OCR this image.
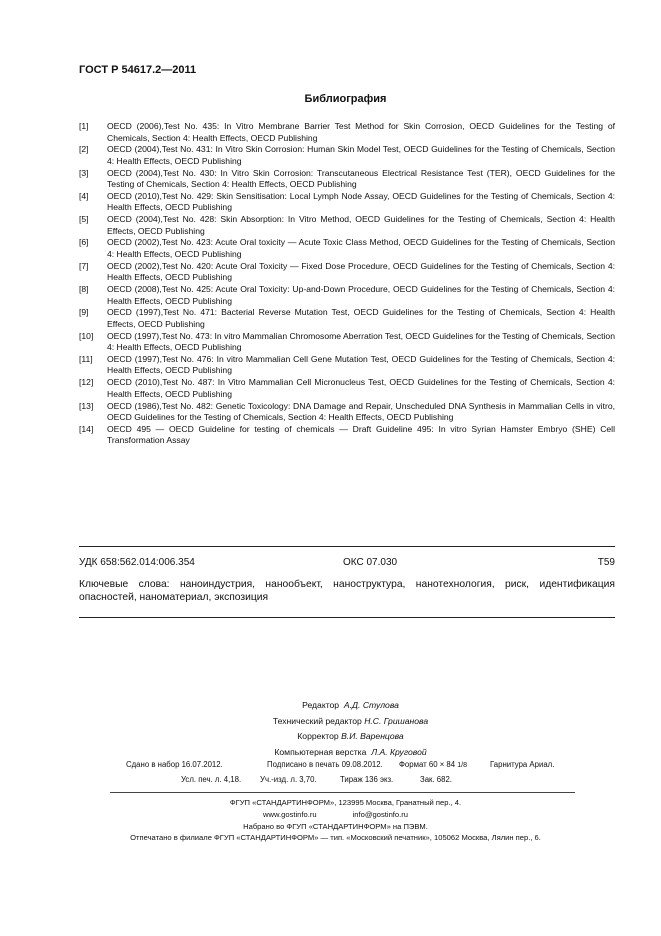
ГОСТ Р 54617.2—2011
Библиография
[1]	OECD (2006),Test No. 435: In Vitro Membrane Barrier Test Method for Skin Corrosion, OECD Guidelines for the Testing of Chemicals, Section 4: Health Effects, OECD Publishing
[2]	OECD (2004),Test No. 431: In Vitro Skin Corrosion: Human Skin Model Test, OECD Guidelines for the Testing of Chemicals, Section 4: Health Effects, OECD Publishing
[3]	OECD (2004),Test No. 430: In Vitro Skin Corrosion: Transcutaneous Electrical Resistance Test (TER), OECD Guidelines for the Testing of Chemicals, Section 4: Health Effects, OECD Publishing
[4]	OECD (2010),Test No. 429: Skin Sensitisation: Local Lymph Node Assay, OECD Guidelines for the Testing of Chemicals, Section 4: Health Effects, OECD Publishing
[5]	OECD (2004),Test No. 428: Skin Absorption: In Vitro Method, OECD Guidelines for the Testing of Chemicals, Section 4: Health Effects, OECD Publishing
[6]	OECD (2002),Test No. 423: Acute Oral toxicity — Acute Toxic Class Method, OECD Guidelines for the Testing of Chemicals, Section 4: Health Effects, OECD Publishing
[7]	OECD (2002),Test No. 420: Acute Oral Toxicity — Fixed Dose Procedure, OECD Guidelines for the Testing of Chemicals, Section 4: Health Effects, OECD Publishing
[8]	OECD (2008),Test No. 425: Acute Oral Toxicity: Up-and-Down Procedure, OECD Guidelines for the Testing of Chemicals, Section 4: Health Effects, OECD Publishing
[9]	OECD (1997),Test No. 471: Bacterial Reverse Mutation Test, OECD Guidelines for the Testing of Chemicals, Section 4: Health Effects, OECD Publishing
[10]	OECD (1997),Test No. 473: In vitro Mammalian Chromosome Aberration Test, OECD Guidelines for the Testing of Chemicals, Section 4: Health Effects, OECD Publishing
[11]	OECD (1997),Test No. 476: In vitro Mammalian Cell Gene Mutation Test, OECD Guidelines for the Testing of Chemicals, Section 4: Health Effects, OECD Publishing
[12]	OECD (2010),Test No. 487: In Vitro Mammalian Cell Micronucleus Test, OECD Guidelines for the Testing of Chemicals, Section 4: Health Effects, OECD Publishing
[13]	OECD (1986),Test No. 482: Genetic Toxicology: DNA Damage and Repair, Unscheduled DNA Synthesis in Mammalian Cells in vitro, OECD Guidelines for the Testing of Chemicals, Section 4: Health Effects, OECD Publishing
[14]	OECD 495 — OECD Guideline for testing of chemicals — Draft Guideline 495: In vitro Syrian Hamster Embryo (SHE) Cell Transformation Assay
УДК 658:562.014:006.354	ОКС 07.030	Т59
Ключевые слова: наноиндустрия, нанообъект, наноструктура, нанотехнология, риск, идентификация опасностей, наноматериал, экспозиция
Редактор А.Д. Стулова
Технический редактор Н.С. Гришанова
Корректор В.И. Варенцова
Компьютерная верстка Л.А. Круговой
Сдано в набор 16.07.2012.	Подписано в печать 09.08.2012. Формат 60 × 84 1/8	Гарнитура Ариал.
Усл. печ. л. 4,18. Уч.-изд. л. 3,70.	Тираж 136 экз.	Зак. 682.
ФГУП «СТАНДАРТИНФОРМ», 123995 Москва, Гранатный пер., 4.
www.gostinfo.ru	info@gostinfo.ru
Набрано во ФГУП «СТАНДАРТИНФОРМ» на ПЭВМ.
Отпечатано в филиале ФГУП «СТАНДАРТИНФОРМ» — тип. «Московский печатник», 105062 Москва, Лялин пер., 6.
